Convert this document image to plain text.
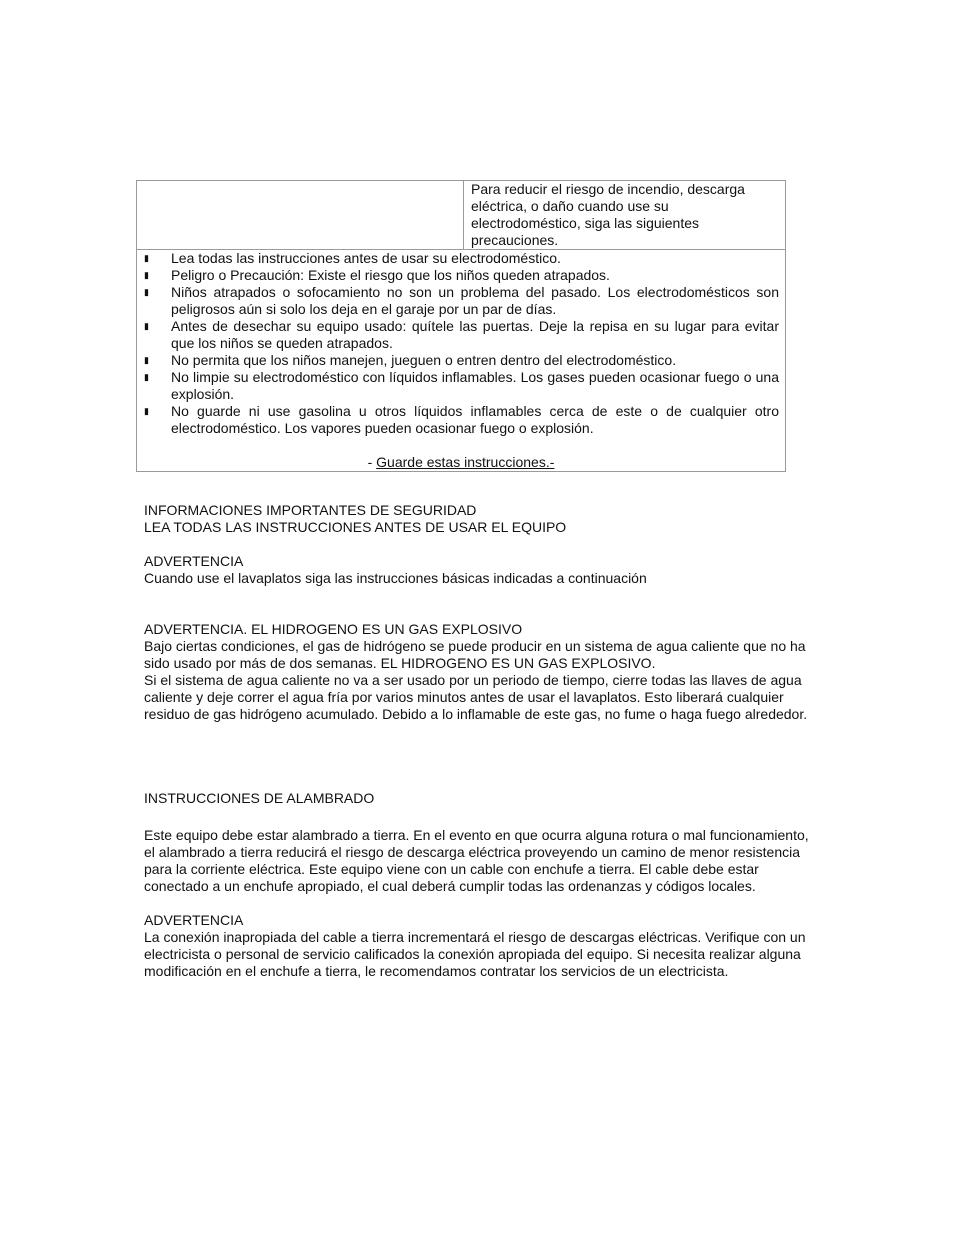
Para reducir el riesgo de incendio, descarga eléctrica, o daño cuando use su electrodoméstico, siga las siguientes precauciones.
▮ Lea todas las instrucciones antes de usar su electrodoméstico.
▮ Peligro o Precaución: Existe el riesgo que los niños queden atrapados.
▮ Niños atrapados o sofocamiento no son un problema del pasado. Los electrodomésticos son peligrosos aún si solo los deja en el garaje por un par de días.
▮ Antes de desechar su equipo usado: quítele las puertas. Deje la repisa en su lugar para evitar que los niños se queden atrapados.
▮ No permita que los niños manejen, jueguen o entren dentro del electrodoméstico.
▮ No limpie su electrodoméstico con líquidos inflamables. Los gases pueden ocasionar fuego o una explosión.
▮ No guarde ni use gasolina u otros líquidos inflamables cerca de este o de cualquier otro electrodoméstico. Los vapores pueden ocasionar fuego o explosión.
- Guarde estas instrucciones.-

INFORMACIONES IMPORTANTES DE SEGURIDAD

LEA TODAS LAS INSTRUCCIONES ANTES DE USAR EL EQUIPO

ADVERTENCIA

Cuando use el lavaplatos siga las instrucciones básicas indicadas a continuación

ADVERTENCIA. EL HIDROGENO ES UN GAS EXPLOSIVO

Bajo ciertas condiciones, el gas de hidrógeno se puede producir en un sistema de agua caliente que no ha sido usado por más de dos semanas. EL HIDROGENO ES UN GAS EXPLOSIVO.

Si el sistema de agua caliente no va a ser usado por un periodo de tiempo, cierre todas las llaves de agua caliente y deje correr el agua fría por varios minutos antes de usar el lavaplatos. Esto liberará cualquier residuo de gas hidrógeno acumulado. Debido a lo inflamable de este gas, no fume o haga fuego alrededor.

INSTRUCCIONES DE ALAMBRADO

Este equipo debe estar alambrado a tierra. En el evento en que ocurra alguna rotura o mal funcionamiento, el alambrado a tierra reducirá el riesgo de descarga eléctrica proveyendo un camino de menor resistencia para la corriente eléctrica. Este equipo viene con un cable con enchufe a tierra. El cable debe estar conectado a un enchufe apropiado, el cual deberá cumplir todas las ordenanzas y códigos locales.

ADVERTENCIA

La conexión inapropiada del cable a tierra incrementará el riesgo de descargas eléctricas. Verifique con un electricista o personal de servicio calificados la conexión apropiada del equipo. Si necesita realizar alguna modificación en el enchufe a tierra, le recomendamos contratar los servicios de un electricista.
